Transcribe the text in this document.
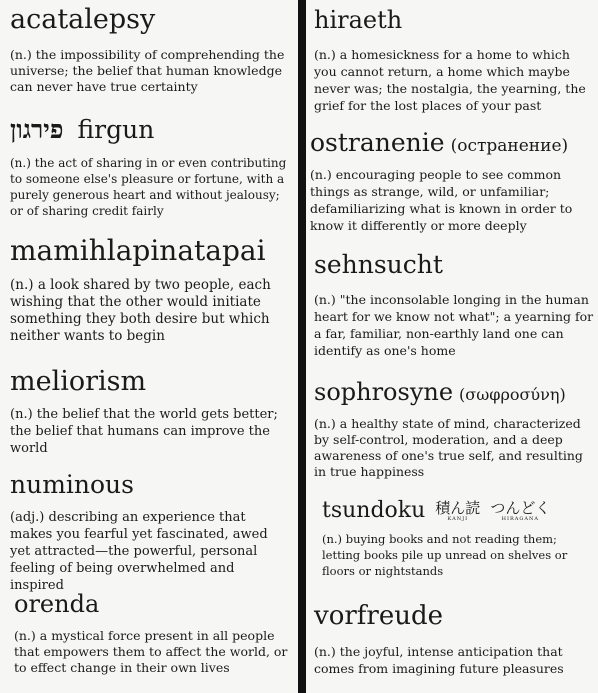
acatalepsy

(n.) the impossibility of comprehending the universe; the belief that human knowledge can never have true certainty

פירגון firgun

(n.) the act of sharing in or even contributing to someone else's pleasure or fortune, with a purely generous heart and without jealousy; or of sharing credit fairly

mamihlapinatapai

(n.) a look shared by two people, each wishing that the other would initiate something they both desire but which neither wants to begin

meliorism

(n.) the belief that the world gets better; the belief that humans can improve the world

numinous

(adj.) describing an experience that makes you fearful yet fascinated, awed yet attracted—the powerful, personal feeling of being overwhelmed and inspired

orenda

(n.) a mystical force present in all people that empowers them to affect the world, or to effect change in their own lives

hiraeth

(n.) a homesickness for a home to which you cannot return, a home which maybe never was; the nostalgia, the yearning, the grief for the lost places of your past

ostranenie (остранение)

(n.) encouraging people to see common things as strange, wild, or unfamiliar; defamiliarizing what is known in order to know it differently or more deeply

sehnsucht

(n.) "the inconsolable longing in the human heart for we know not what"; a yearning for a far, familiar, non-earthly land one can identify as one's home

sophrosyne (σωφροσύνη)

(n.) a healthy state of mind, characterized by self-control, moderation, and a deep awareness of one's true self, and resulting in true happiness

tsundoku 積ん読
KANJI
つんどく
HIRAGANA

(n.) buying books and not reading them; letting books pile up unread on shelves or floors or nightstands

vorfreude

(n.) the joyful, intense anticipation that comes from imagining future pleasures
